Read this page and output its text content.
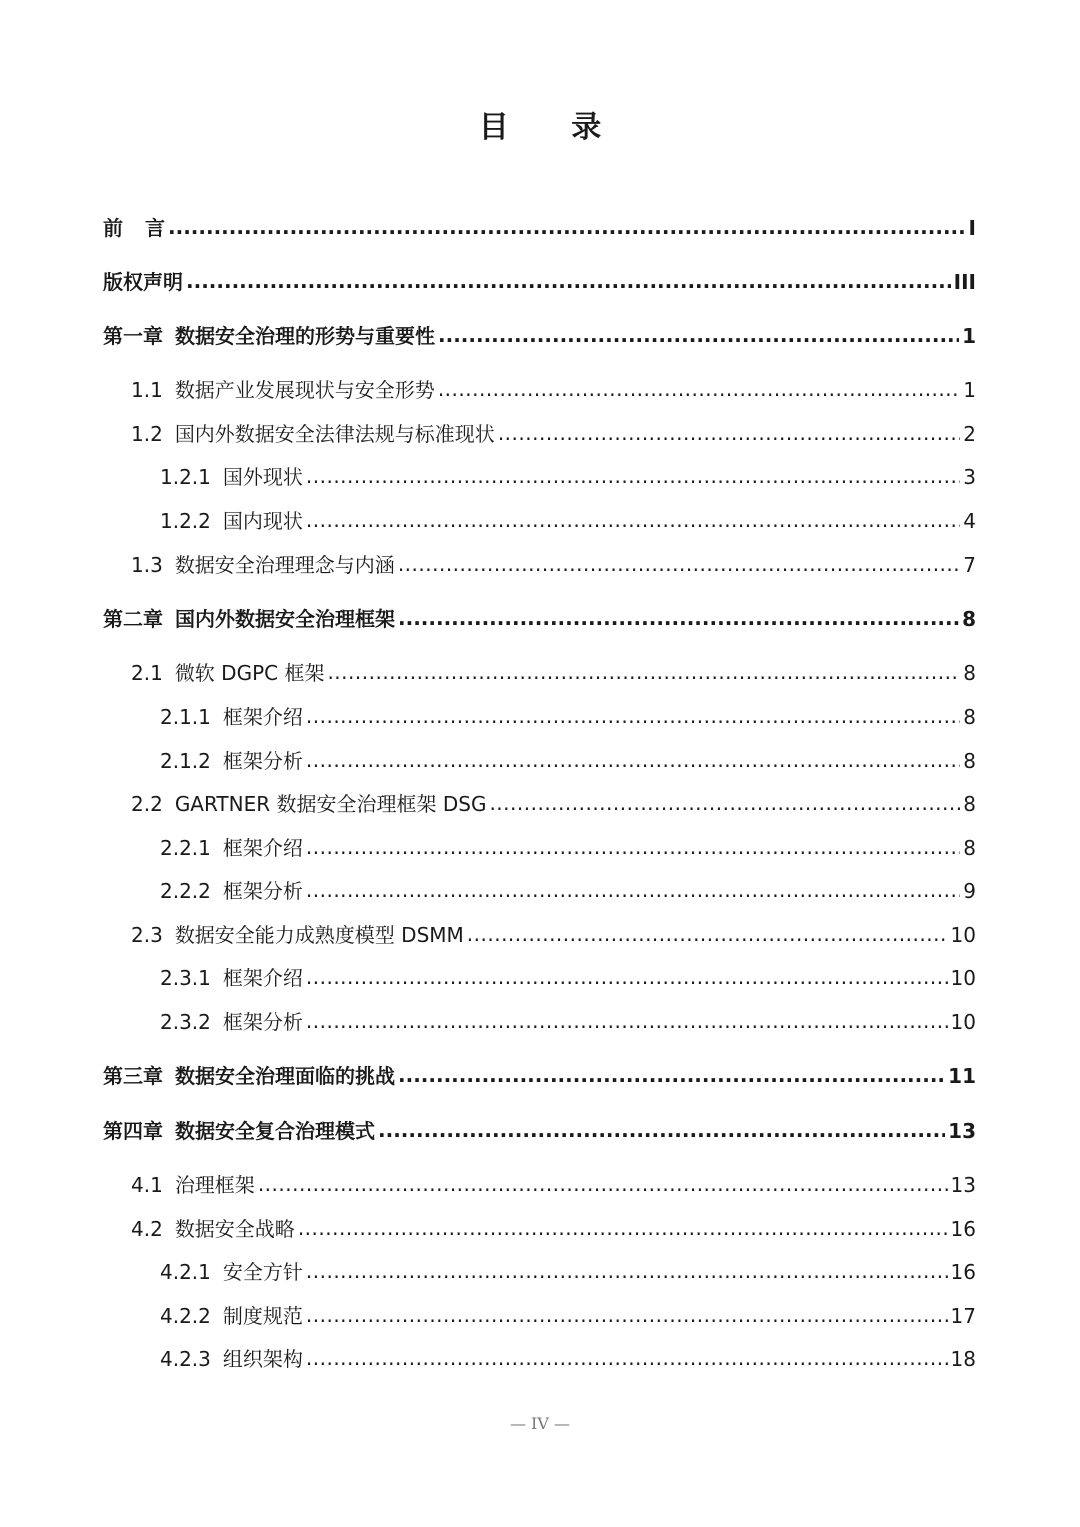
目 录
前 言 .....	I
版权声明 .....	III
第一章 数据安全治理的形势与重要性 .....	1
1.1 数据产业发展现状与安全形势 .....	1
1.2 国内外数据安全法律法规与标准现状 .....	2
1.2.1 国外现状 .....	3
1.2.2 国内现状 .....	4
1.3 数据安全治理理念与内涵 .....	7
第二章 国内外数据安全治理框架 .....	8
2.1 微软 DGPC 框架 .....	8
2.1.1 框架介绍 .....	8
2.1.2 框架分析 .....	8
2.2 GARTNER 数据安全治理框架 DSG .....	8
2.2.1 框架介绍 .....	8
2.2.2 框架分析 .....	9
2.3 数据安全能力成熟度模型 DSMM .....	10
2.3.1 框架介绍 .....	10
2.3.2 框架分析 .....	10
第三章 数据安全治理面临的挑战 .....	11
第四章 数据安全复合治理模式 .....	13
4.1 治理框架 .....	13
4.2 数据安全战略 .....	16
4.2.1 安全方针 .....	16
4.2.2 制度规范 .....	17
4.2.3 组织架构 .....	18
— IV —
